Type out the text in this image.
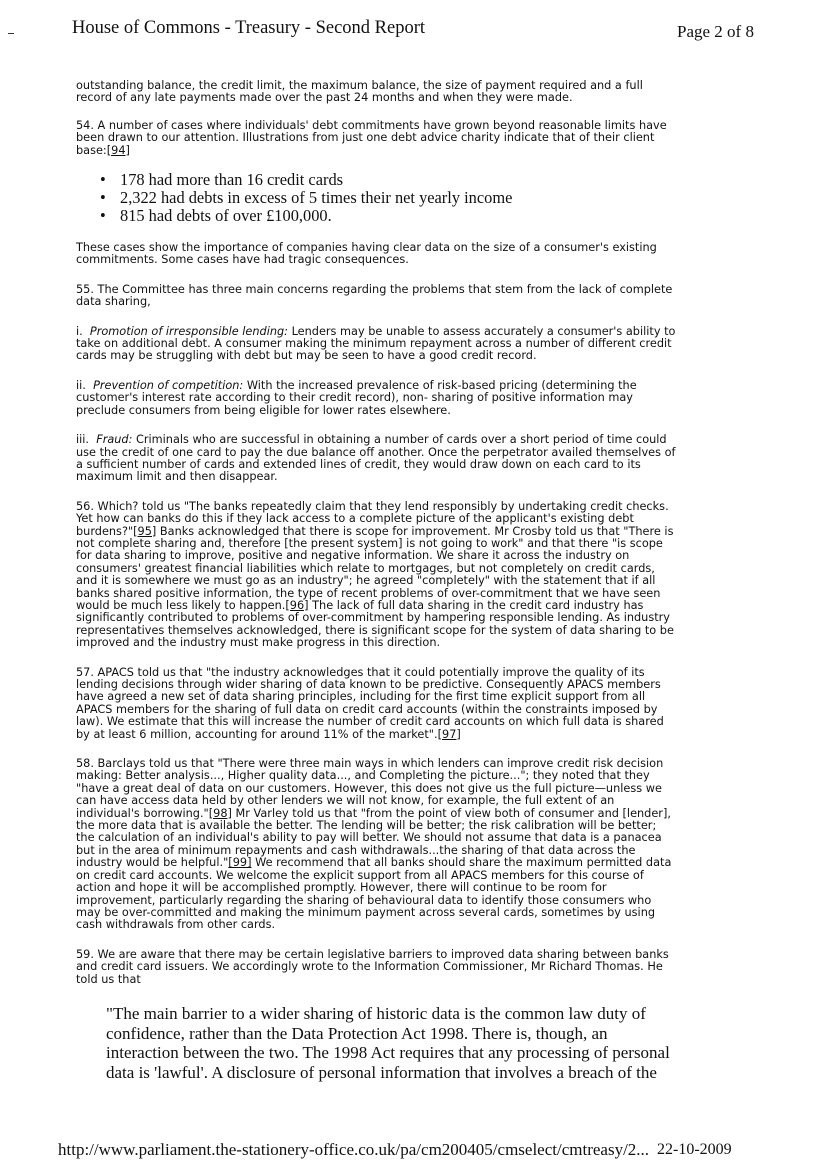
House of Commons - Treasury - Second Report	Page 2 of 8

outstanding balance, the credit limit, the maximum balance, the size of payment required and a full record of any late payments made over the past 24 months and when they were made.

54. A number of cases where individuals' debt commitments have grown beyond reasonable limits have been drawn to our attention. Illustrations from just one debt advice charity indicate that of their client base:[94]

• 178 had more than 16 credit cards
• 2,322 had debts in excess of 5 times their net yearly income
• 815 had debts of over £100,000.

These cases show the importance of companies having clear data on the size of a consumer's existing commitments. Some cases have had tragic consequences.

55. The Committee has three main concerns regarding the problems that stem from the lack of complete data sharing,

i. Promotion of irresponsible lending: Lenders may be unable to assess accurately a consumer's ability to take on additional debt. A consumer making the minimum repayment across a number of different credit cards may be struggling with debt but may be seen to have a good credit record.

ii. Prevention of competition: With the increased prevalence of risk-based pricing (determining the customer's interest rate according to their credit record), non- sharing of positive information may preclude consumers from being eligible for lower rates elsewhere.

iii. Fraud: Criminals who are successful in obtaining a number of cards over a short period of time could use the credit of one card to pay the due balance off another. Once the perpetrator availed themselves of a sufficient number of cards and extended lines of credit, they would draw down on each card to its maximum limit and then disappear.

56. Which? told us "The banks repeatedly claim that they lend responsibly by undertaking credit checks. Yet how can banks do this if they lack access to a complete picture of the applicant's existing debt burdens?"[95] Banks acknowledged that there is scope for improvement. Mr Crosby told us that "There is not complete sharing and, therefore [the present system] is not going to work" and that there "is scope for data sharing to improve, positive and negative information. We share it across the industry on consumers' greatest financial liabilities which relate to mortgages, but not completely on credit cards, and it is somewhere we must go as an industry"; he agreed "completely" with the statement that if all banks shared positive information, the type of recent problems of over-commitment that we have seen would be much less likely to happen.[96] The lack of full data sharing in the credit card industry has significantly contributed to problems of over-commitment by hampering responsible lending. As industry representatives themselves acknowledged, there is significant scope for the system of data sharing to be improved and the industry must make progress in this direction.

57. APACS told us that "the industry acknowledges that it could potentially improve the quality of its lending decisions through wider sharing of data known to be predictive. Consequently APACS members have agreed a new set of data sharing principles, including for the first time explicit support from all APACS members for the sharing of full data on credit card accounts (within the constraints imposed by law). We estimate that this will increase the number of credit card accounts on which full data is shared by at least 6 million, accounting for around 11% of the market".[97]

58. Barclays told us that "There were three main ways in which lenders can improve credit risk decision making: Better analysis..., Higher quality data..., and Completing the picture..."; they noted that they "have a great deal of data on our customers. However, this does not give us the full picture—unless we can have access data held by other lenders we will not know, for example, the full extent of an individual's borrowing."[98] Mr Varley told us that "from the point of view both of consumer and [lender], the more data that is available the better. The lending will be better; the risk calibration will be better; the calculation of an individual's ability to pay will better. We should not assume that data is a panacea but in the area of minimum repayments and cash withdrawals...the sharing of that data across the industry would be helpful."[99] We recommend that all banks should share the maximum permitted data on credit card accounts. We welcome the explicit support from all APACS members for this course of action and hope it will be accomplished promptly. However, there will continue to be room for improvement, particularly regarding the sharing of behavioural data to identify those consumers who may be over-committed and making the minimum payment across several cards, sometimes by using cash withdrawals from other cards.

59. We are aware that there may be certain legislative barriers to improved data sharing between banks and credit card issuers. We accordingly wrote to the Information Commissioner, Mr Richard Thomas. He told us that

"The main barrier to a wider sharing of historic data is the common law duty of confidence, rather than the Data Protection Act 1998. There is, though, an interaction between the two. The 1998 Act requires that any processing of personal data is 'lawful'. A disclosure of personal information that involves a breach of the

http://www.parliament.the-stationery-office.co.uk/pa/cm200405/cmselect/cmtreasy/2... 22-10-2009
